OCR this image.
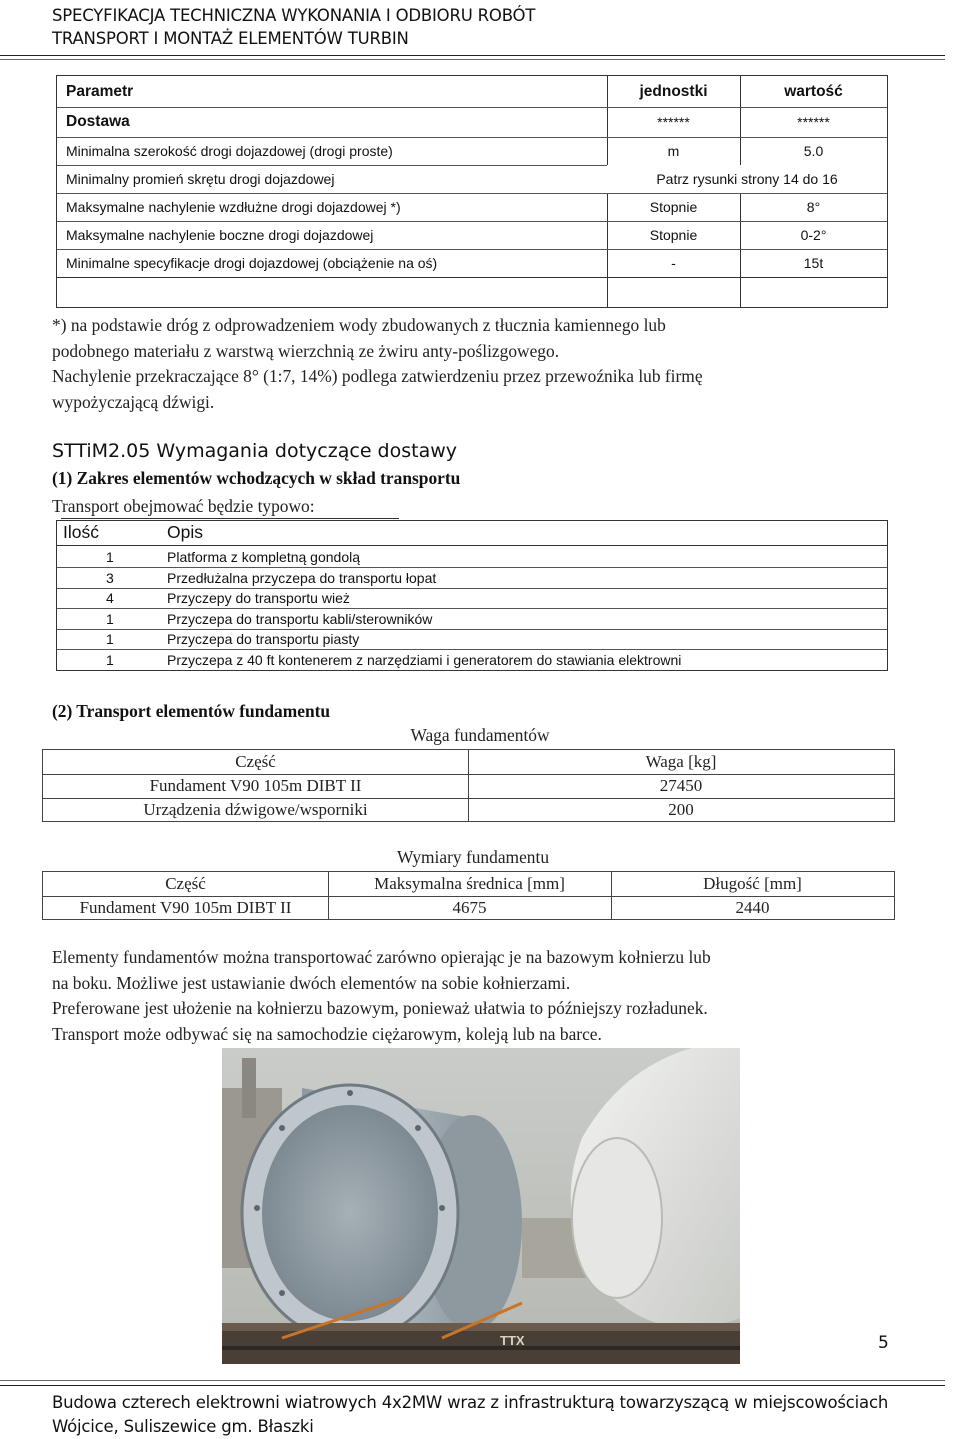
SPECYFIKACJA TECHNICZNA WYKONANIA I ODBIORU ROBÓT
TRANSPORT I MONTAŻ ELEMENTÓW TURBIN
Parametr	jednostki	wartość
Dostawa	******	******
Minimalna szerokość drogi dojazdowej (drogi proste)	m	5.0
Minimalny promień skrętu drogi dojazdowej	Patrz rysunki strony 14 do 16
Maksymalne nachylenie wzdłużne drogi dojazdowej *)	Stopnie	8°
Maksymalne nachylenie boczne drogi dojazdowej	Stopnie	0-2°
Minimalne specyfikacje drogi dojazdowej (obciążenie na oś)	-	15t
*) na podstawie dróg z odprowadzeniem wody zbudowanych z tłucznia kamiennego lub
podobnego materiału z warstwą wierzchnią ze żwiru anty-poślizgowego.
Nachylenie przekraczające 8° (1:7, 14%) podlega zatwierdzeniu przez przewoźnika lub firmę
wypożyczającą dźwigi.
STTiM2.05 Wymagania dotyczące dostawy
(1) Zakres elementów wchodzących w skład transportu
Transport obejmować będzie typowo:
Ilość	Opis
1	Platforma z kompletną gondolą
3	Przedłużalna przyczepa do transportu łopat
4	Przyczepy do transportu wież
1	Przyczepa do transportu kabli/sterowników
1	Przyczepa do transportu piasty
1	Przyczepa z 40 ft kontenerem z narzędziami i generatorem do stawiania elektrowni
(2) Transport elementów fundamentu
Waga fundamentów
Część	Waga [kg]
Fundament V90 105m DIBT II	27450
Urządzenia dźwigowe/wsporniki	200
Wymiary fundamentu
Część	Maksymalna średnica [mm]	Długość [mm]
Fundament V90 105m DIBT II	4675	2440
Elementy fundamentów można transportować zarówno opierając je na bazowym kołnierzu lub
na boku. Możliwe jest ustawianie dwóch elementów na sobie kołnierzami.
Preferowane jest ułożenie na kołnierzu bazowym, ponieważ ułatwia to późniejszy rozładunek.
Transport może odbywać się na samochodzie ciężarowym, koleją lub na barce.
TTX	5
Budowa czterech elektrowni wiatrowych 4x2MW wraz z infrastrukturą towarzyszącą w miejscowościach
Wójcice, Suliszewice gm. Błaszki
